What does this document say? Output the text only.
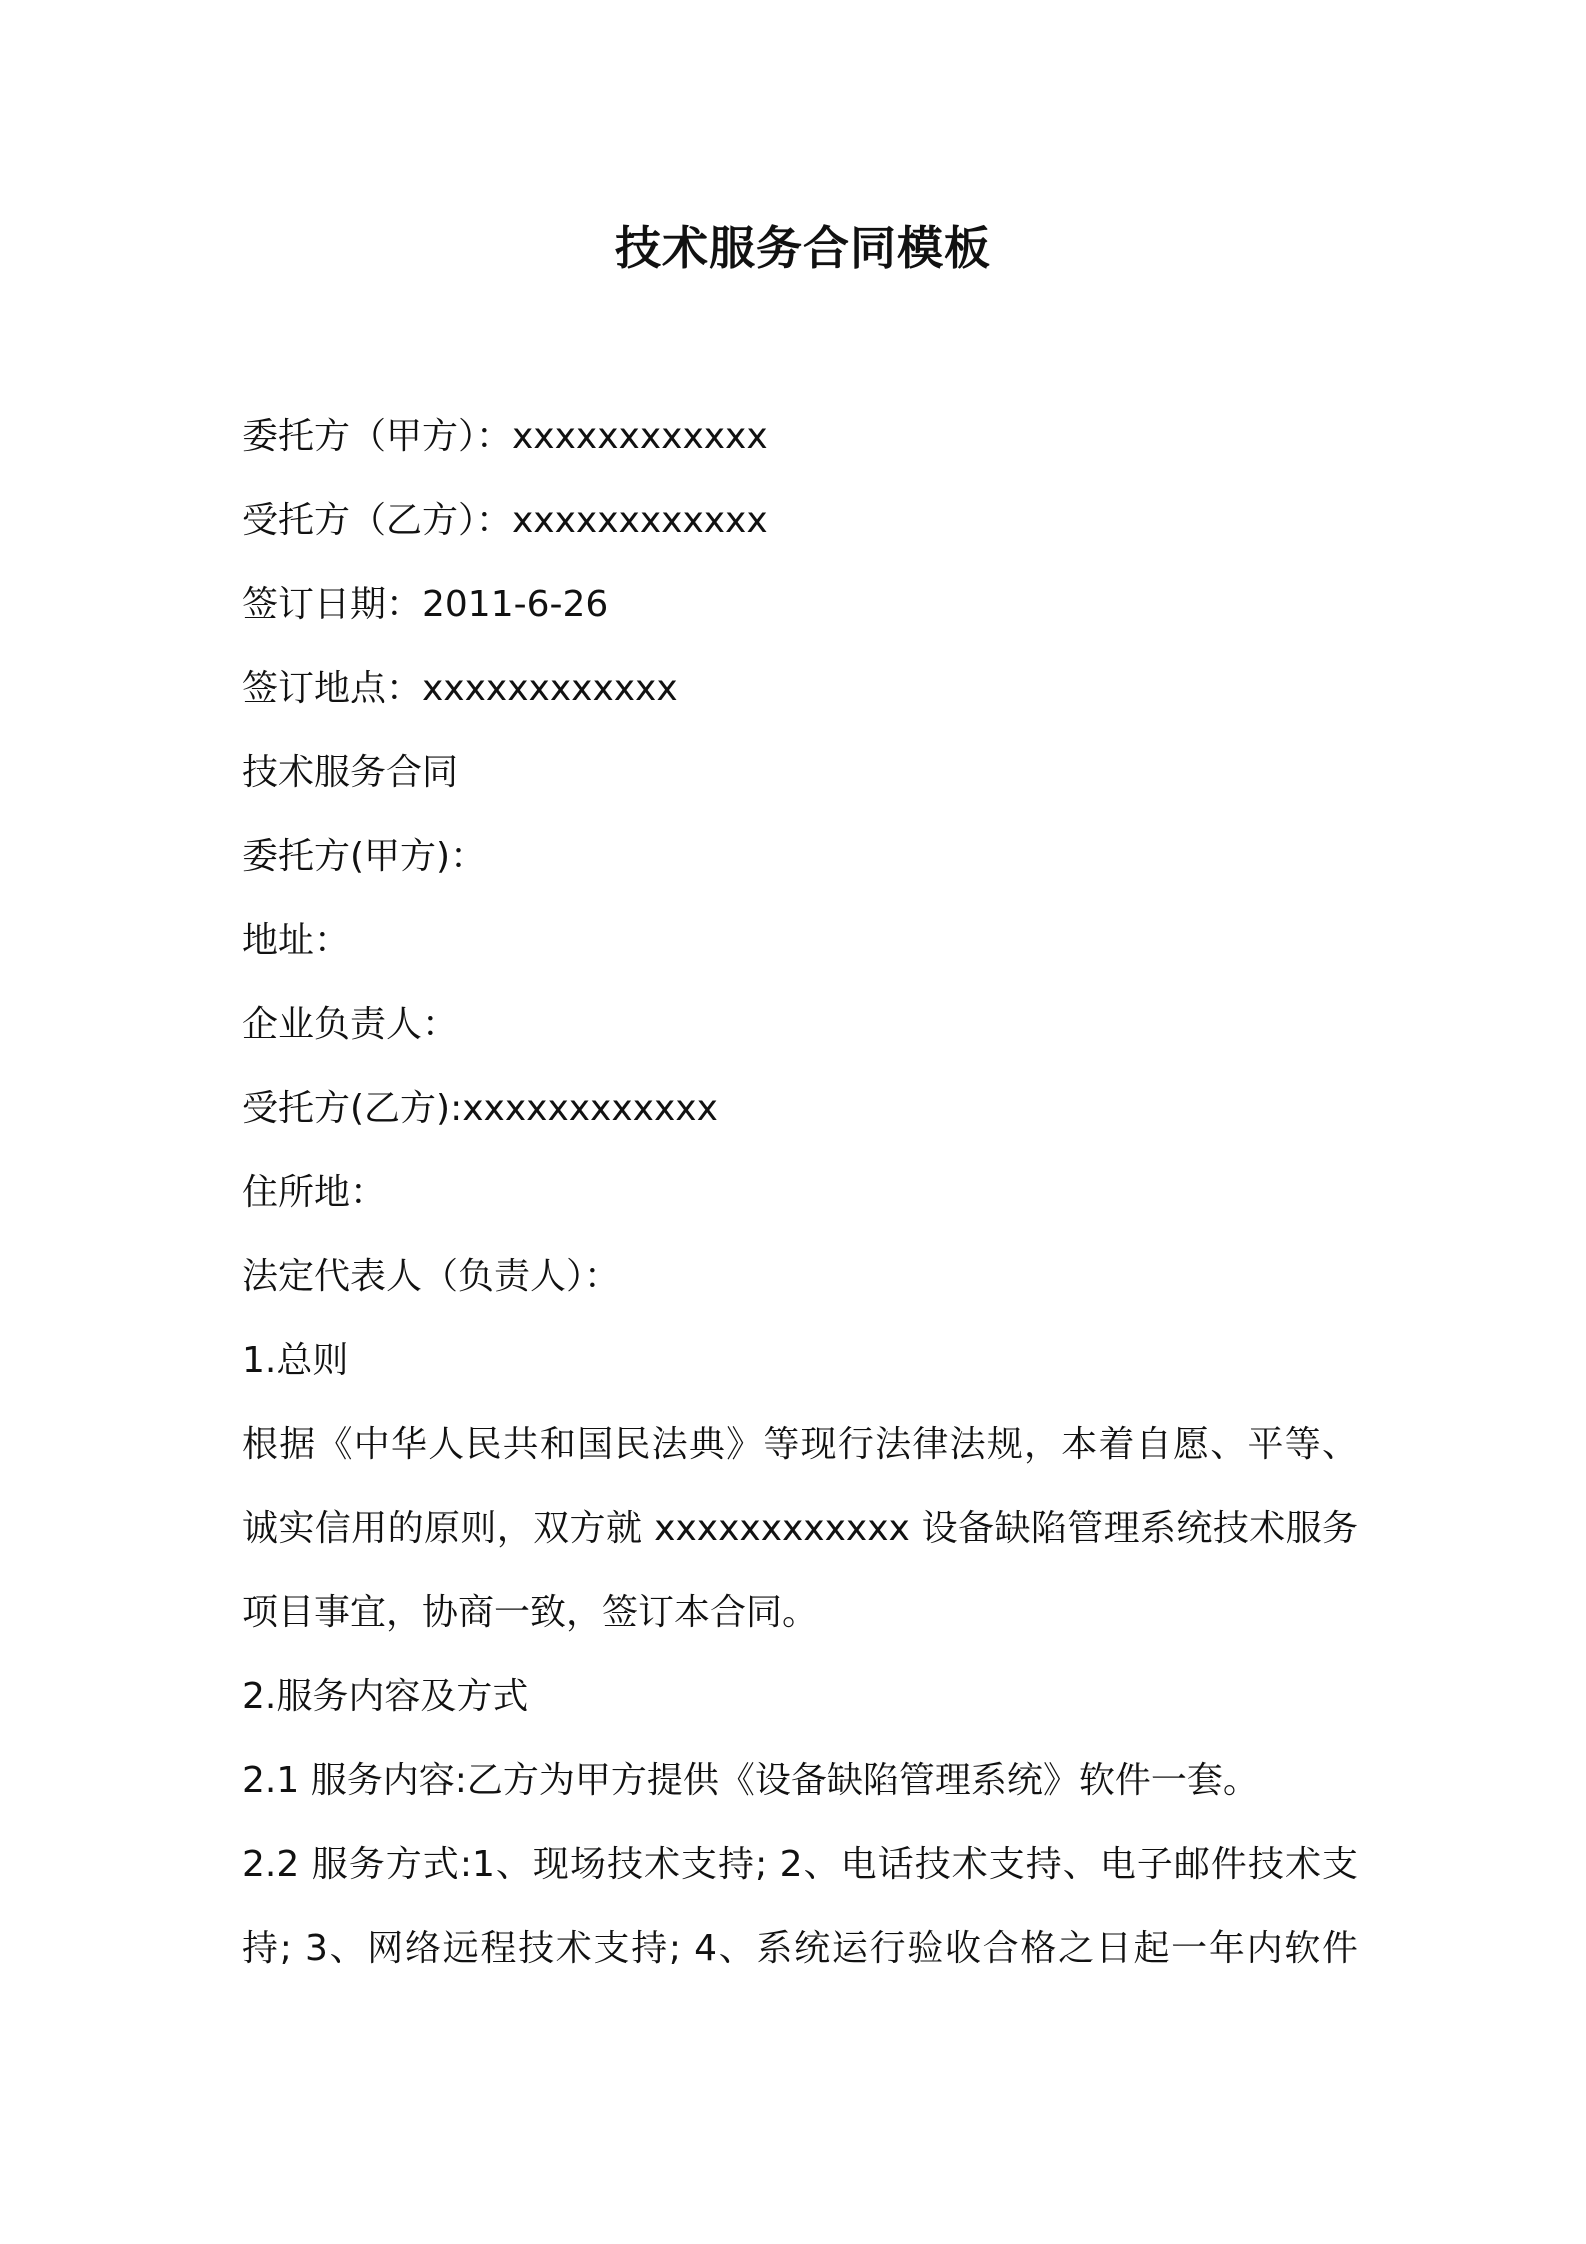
技术服务合同模板
委托方（甲方）：xxxxxxxxxxxx
受托方（乙方）：xxxxxxxxxxxx
签订日期：2011-6-26
签订地点：xxxxxxxxxxxx
技术服务合同
委托方(甲方)：
地址：
企业负责人：
受托方(乙方):xxxxxxxxxxxx
住所地：
法定代表人（负责人）：
1.总则
根据《中华人民共和国民法典》等现行法律法规，本着自愿、平等、
诚实信用的原则，双方就 xxxxxxxxxxxx 设备缺陷管理系统技术服务
项目事宜，协商一致，签订本合同。
2.服务内容及方式
2.1 服务内容:乙方为甲方提供《设备缺陷管理系统》软件一套。
2.2 服务方式:1、现场技术支持; 2、电话技术支持、电子邮件技术支
持; 3、网络远程技术支持; 4、系统运行验收合格之日起一年内软件
